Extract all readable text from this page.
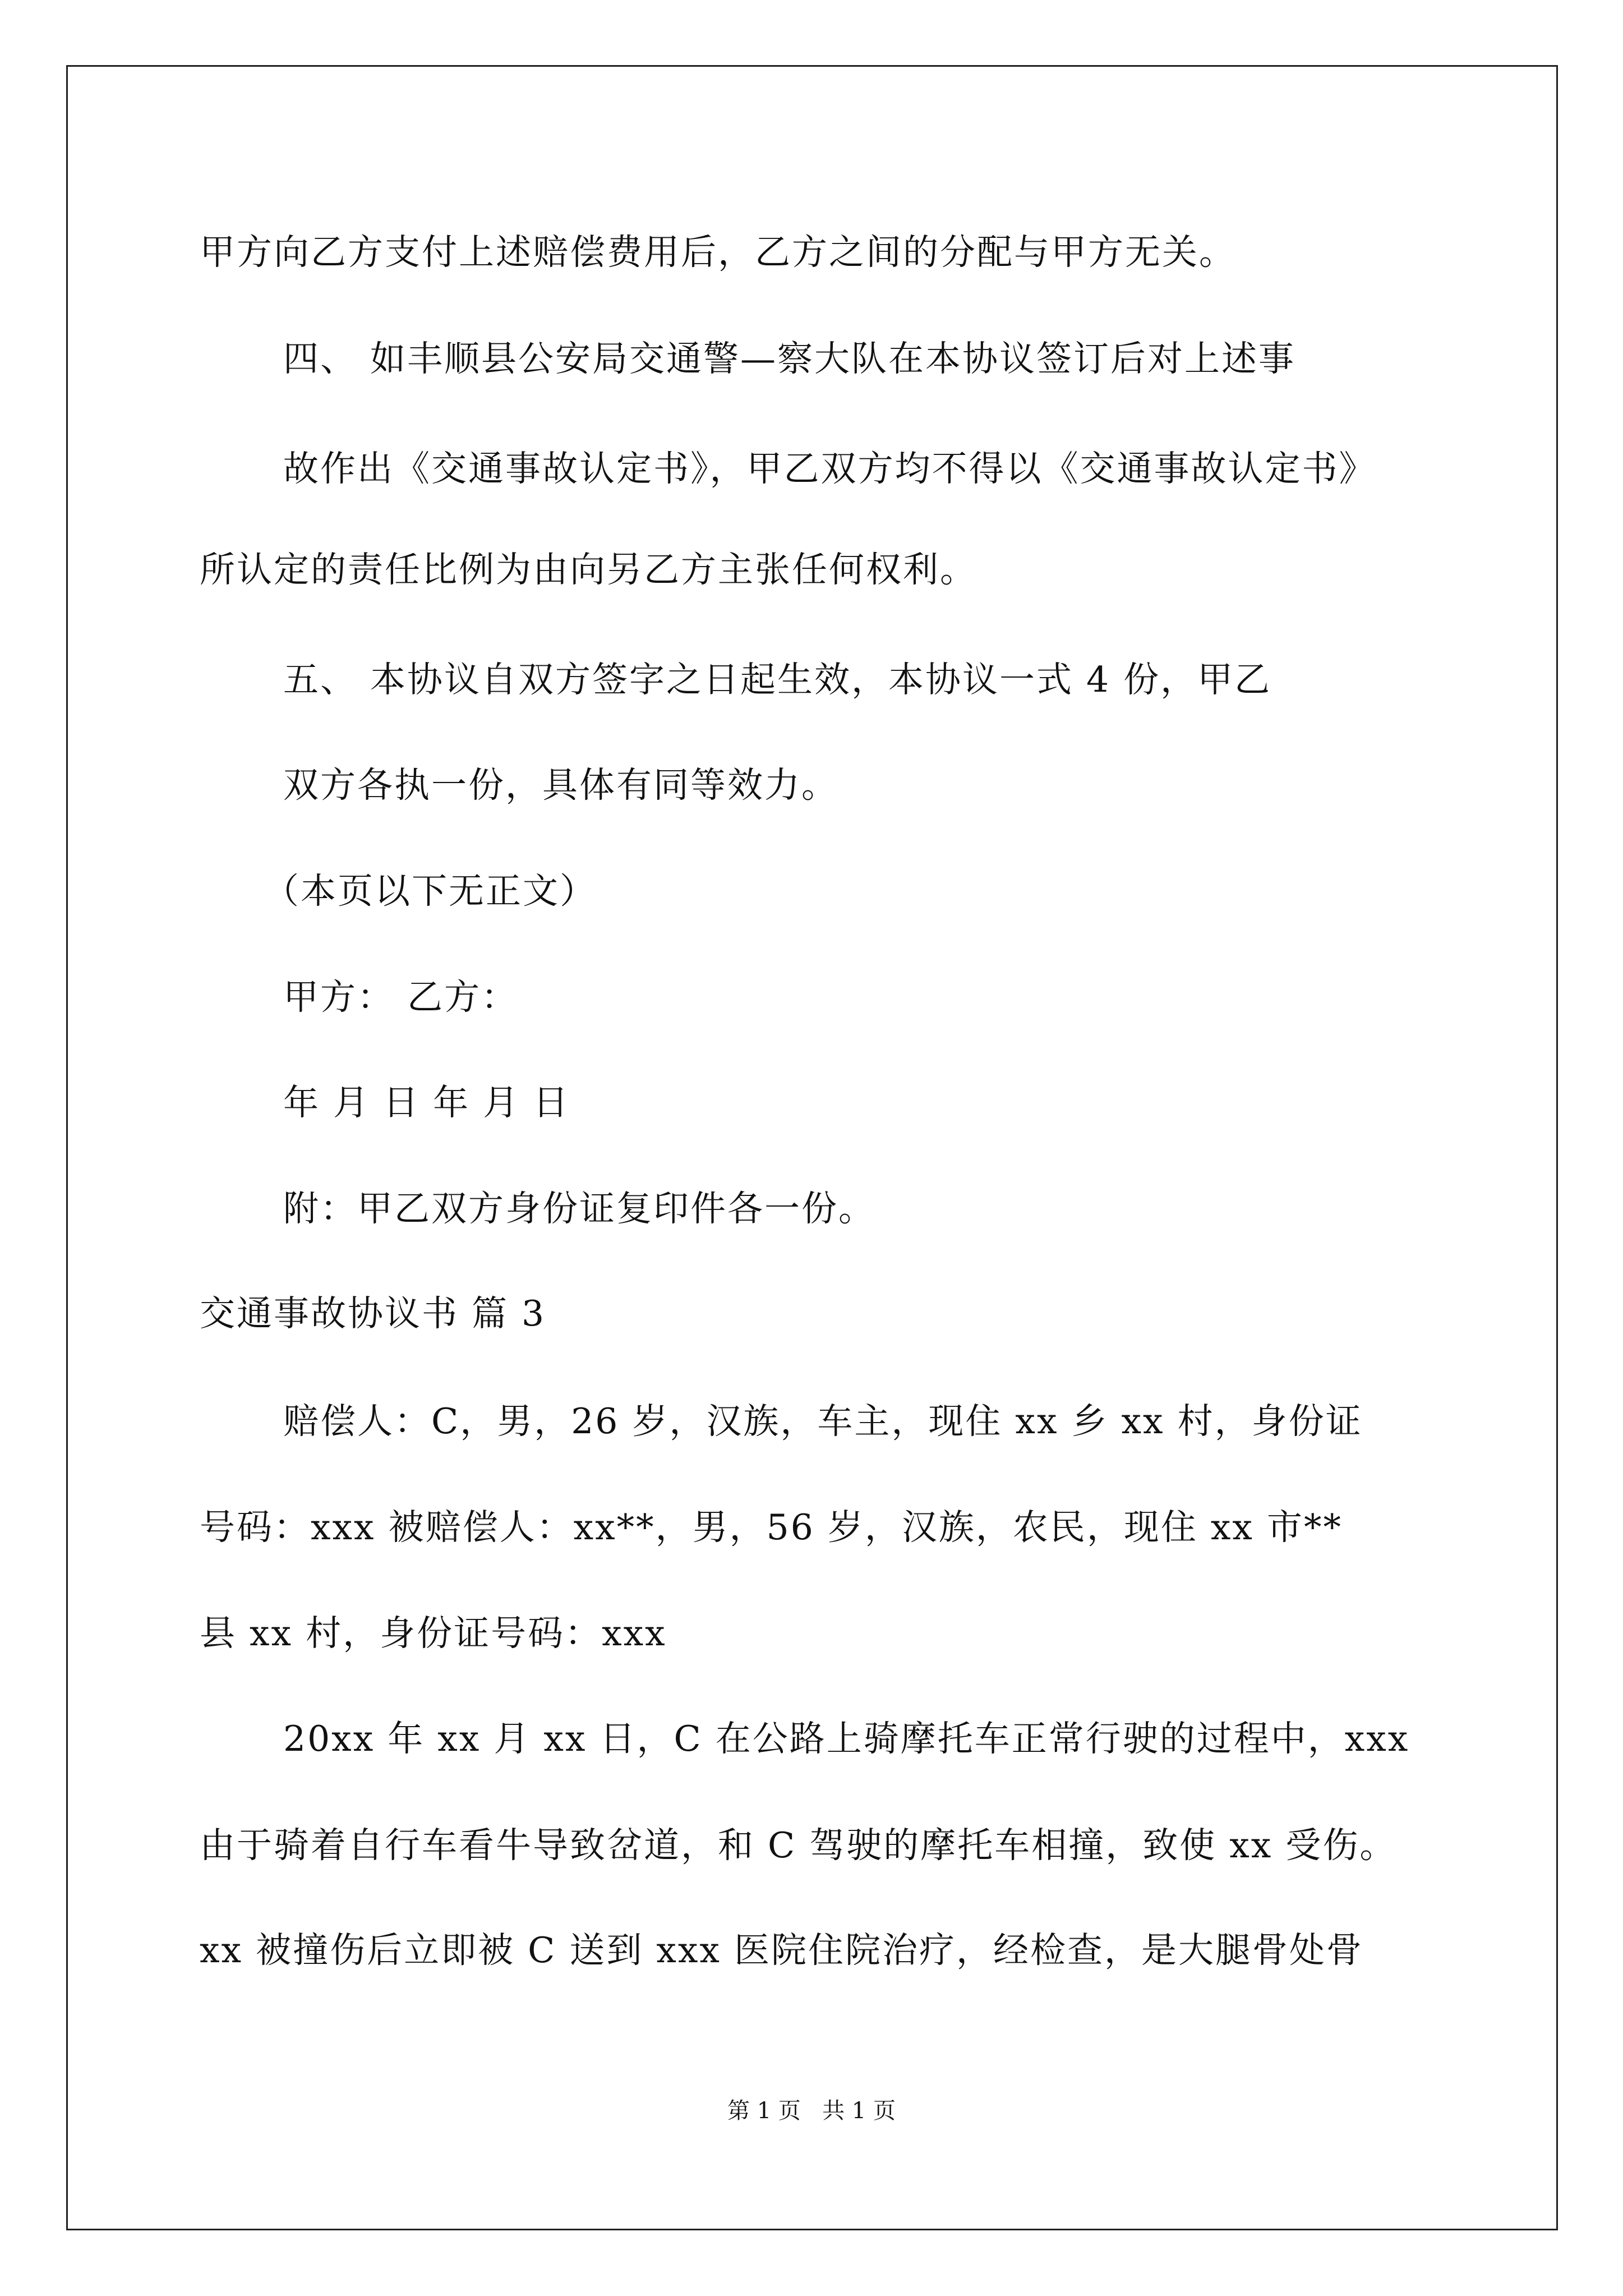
甲方向乙方支付上述赔偿费用后，乙方之间的分配与甲方无关。
四、 如丰顺县公安局交通警—察大队在本协议签订后对上述事
故作出《交通事故认定书》，甲乙双方均不得以《交通事故认定书》
所认定的责任比例为由向另乙方主张任何权利。
五、 本协议自双方签字之日起生效，本协议一式 4 份，甲乙
双方各执一份，具体有同等效力。
（本页以下无正文）
甲方： 乙方：
年 月 日 年 月 日
附：甲乙双方身份证复印件各一份。
交通事故协议书 篇 3
赔偿人：C，男，26 岁，汉族，车主，现住 xx 乡 xx 村，身份证
号码：xxx 被赔偿人：xx**，男，56 岁，汉族，农民，现住 xx 市**
县 xx 村，身份证号码：xxx
20xx 年 xx 月 xx 日，C 在公路上骑摩托车正常行驶的过程中，xxx
由于骑着自行车看牛导致岔道，和 C 驾驶的摩托车相撞，致使 xx 受伤。
xx 被撞伤后立即被 C 送到 xxx 医院住院治疗，经检查，是大腿骨处骨
第 1 页   共 1 页
